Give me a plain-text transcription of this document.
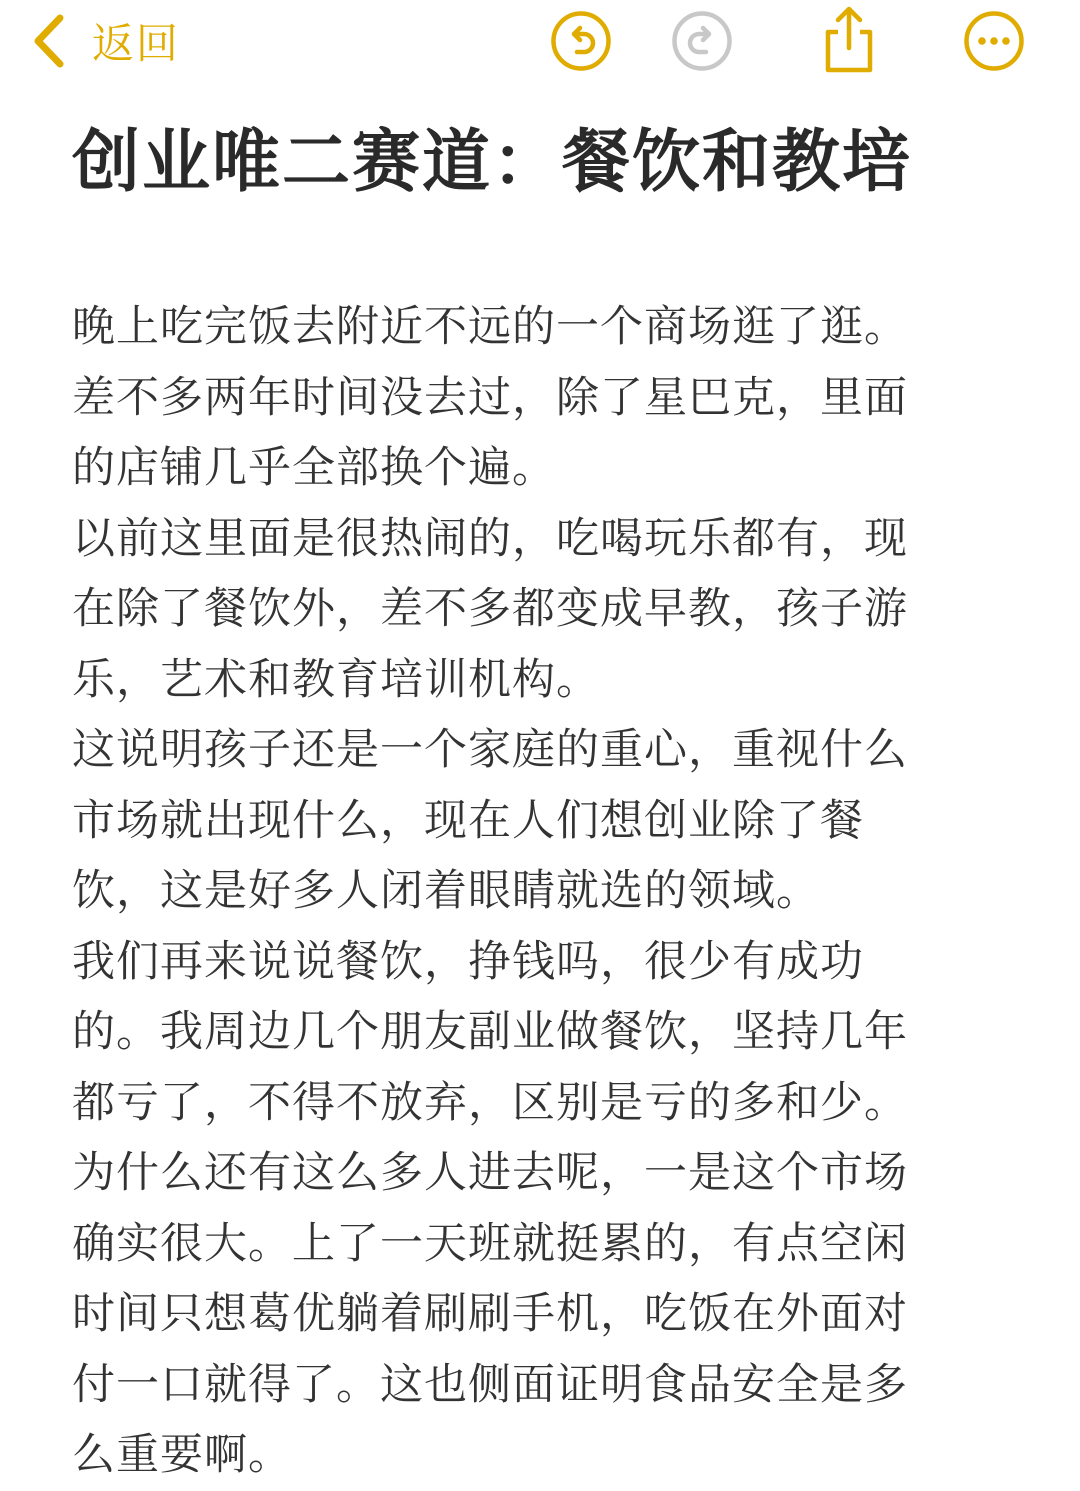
返回
创业唯二赛道：餐饮和教培
晚上吃完饭去附近不远的一个商场逛了逛。
差不多两年时间没去过，除了星巴克，里面
的店铺几乎全部换个遍。
以前这里面是很热闹的，吃喝玩乐都有，现
在除了餐饮外，差不多都变成早教，孩子游
乐，艺术和教育培训机构。
这说明孩子还是一个家庭的重心，重视什么
市场就出现什么，现在人们想创业除了餐
饮，这是好多人闭着眼睛就选的领域。
我们再来说说餐饮，挣钱吗，很少有成功
的。我周边几个朋友副业做餐饮，坚持几年
都亏了，不得不放弃，区别是亏的多和少。
为什么还有这么多人进去呢，一是这个市场
确实很大。上了一天班就挺累的，有点空闲
时间只想葛优躺着刷刷手机，吃饭在外面对
付一口就得了。这也侧面证明食品安全是多
么重要啊。
